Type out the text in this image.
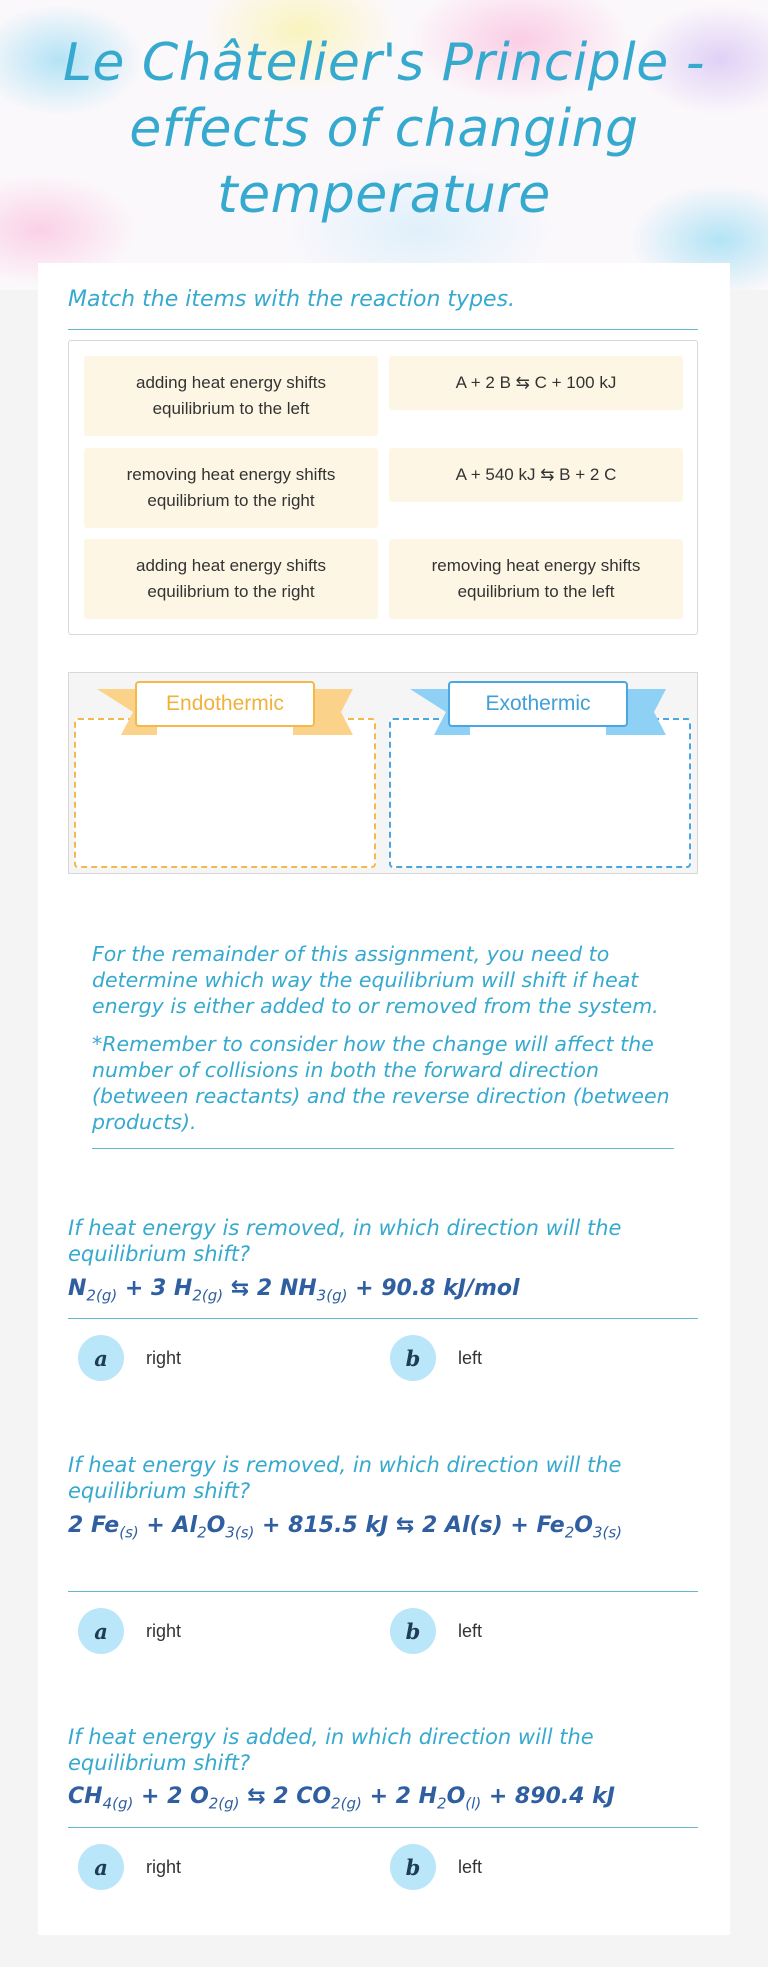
Le Châtelier's Principle - effects of changing temperature
Match the items with the reaction types.
adding heat energy shifts equilibrium to the left
A + 2 B ⇆ C + 100 kJ
removing heat energy shifts equilibrium to the right
A + 540 kJ ⇆ B + 2 C
adding heat energy shifts equilibrium to the right
removing heat energy shifts equilibrium to the left
Endothermic	Exothermic

For the remainder of this assignment, you need to determine which way the equilibrium will shift if heat energy is either added to or removed from the system.

*Remember to consider how the change will affect the number of collisions in both the forward direction (between reactants) and the reverse direction (between products).

If heat energy is removed, in which direction will the equilibrium shift?
$N_{2(g)} + 3$ $H_{2(g)}$ ⇆ 2 $NH_{3(g)} + 90.8$ kJ/mol
a	right	b	left
If heat energy is removed, in which direction will the equilibrium shift?
2 $Fe_{(s)} + Al_2O_{3(s)} + 815.5$ kJ ⇆ 2 $Al(s) + Fe_2O_{3(s)}$
a	right	b	left
If heat energy is added, in which direction will the equilibrium shift?
$CH_{4(g)} + 2$ $O_{2(g)}$ ⇆ 2 $CO_{2(g)} + 2$ $H_2O_{(l)} + 890.4$ kJ
a	right	b	left
